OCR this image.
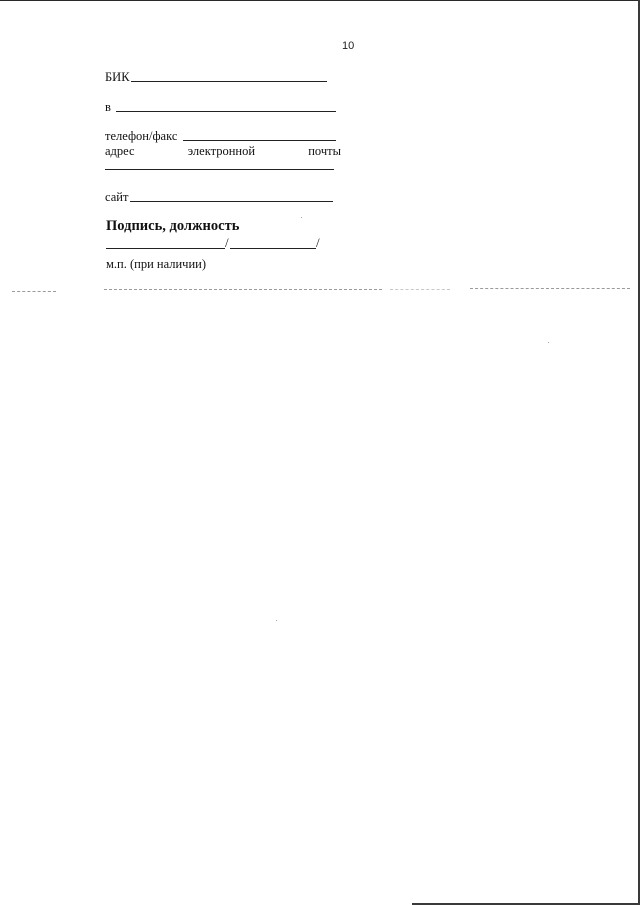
10
БИК
в
телефон/факс
адрес	электронной	почты
сайт
Подпись, должность
/	/
м.п. (при наличии)
